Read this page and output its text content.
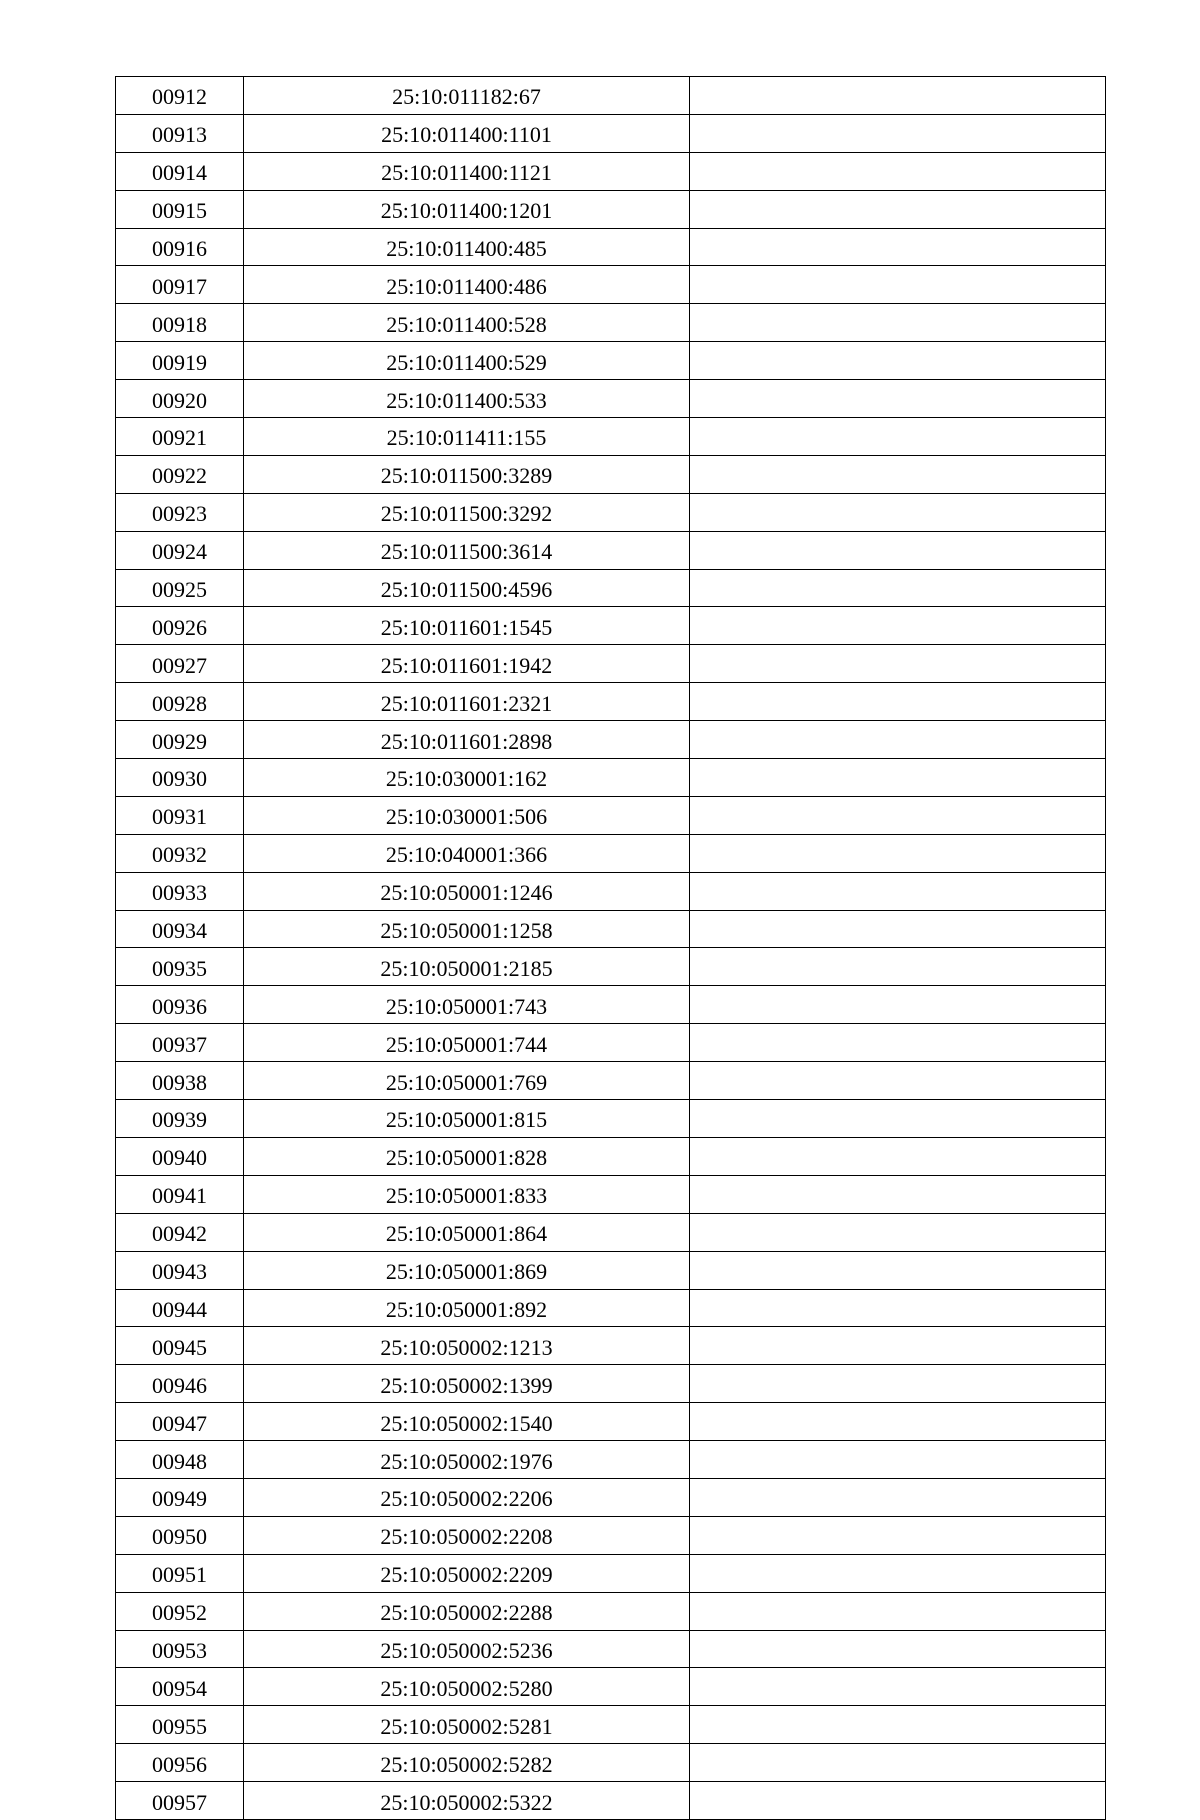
00912	25:10:011182:67	
00913	25:10:011400:1101	
00914	25:10:011400:1121	
00915	25:10:011400:1201	
00916	25:10:011400:485	
00917	25:10:011400:486	
00918	25:10:011400:528	
00919	25:10:011400:529	
00920	25:10:011400:533	
00921	25:10:011411:155	
00922	25:10:011500:3289	
00923	25:10:011500:3292	
00924	25:10:011500:3614	
00925	25:10:011500:4596	
00926	25:10:011601:1545	
00927	25:10:011601:1942	
00928	25:10:011601:2321	
00929	25:10:011601:2898	
00930	25:10:030001:162	
00931	25:10:030001:506	
00932	25:10:040001:366	
00933	25:10:050001:1246	
00934	25:10:050001:1258	
00935	25:10:050001:2185	
00936	25:10:050001:743	
00937	25:10:050001:744	
00938	25:10:050001:769	
00939	25:10:050001:815	
00940	25:10:050001:828	
00941	25:10:050001:833	
00942	25:10:050001:864	
00943	25:10:050001:869	
00944	25:10:050001:892	
00945	25:10:050002:1213	
00946	25:10:050002:1399	
00947	25:10:050002:1540	
00948	25:10:050002:1976	
00949	25:10:050002:2206	
00950	25:10:050002:2208	
00951	25:10:050002:2209	
00952	25:10:050002:2288	
00953	25:10:050002:5236	
00954	25:10:050002:5280	
00955	25:10:050002:5281	
00956	25:10:050002:5282	
00957	25:10:050002:5322	
